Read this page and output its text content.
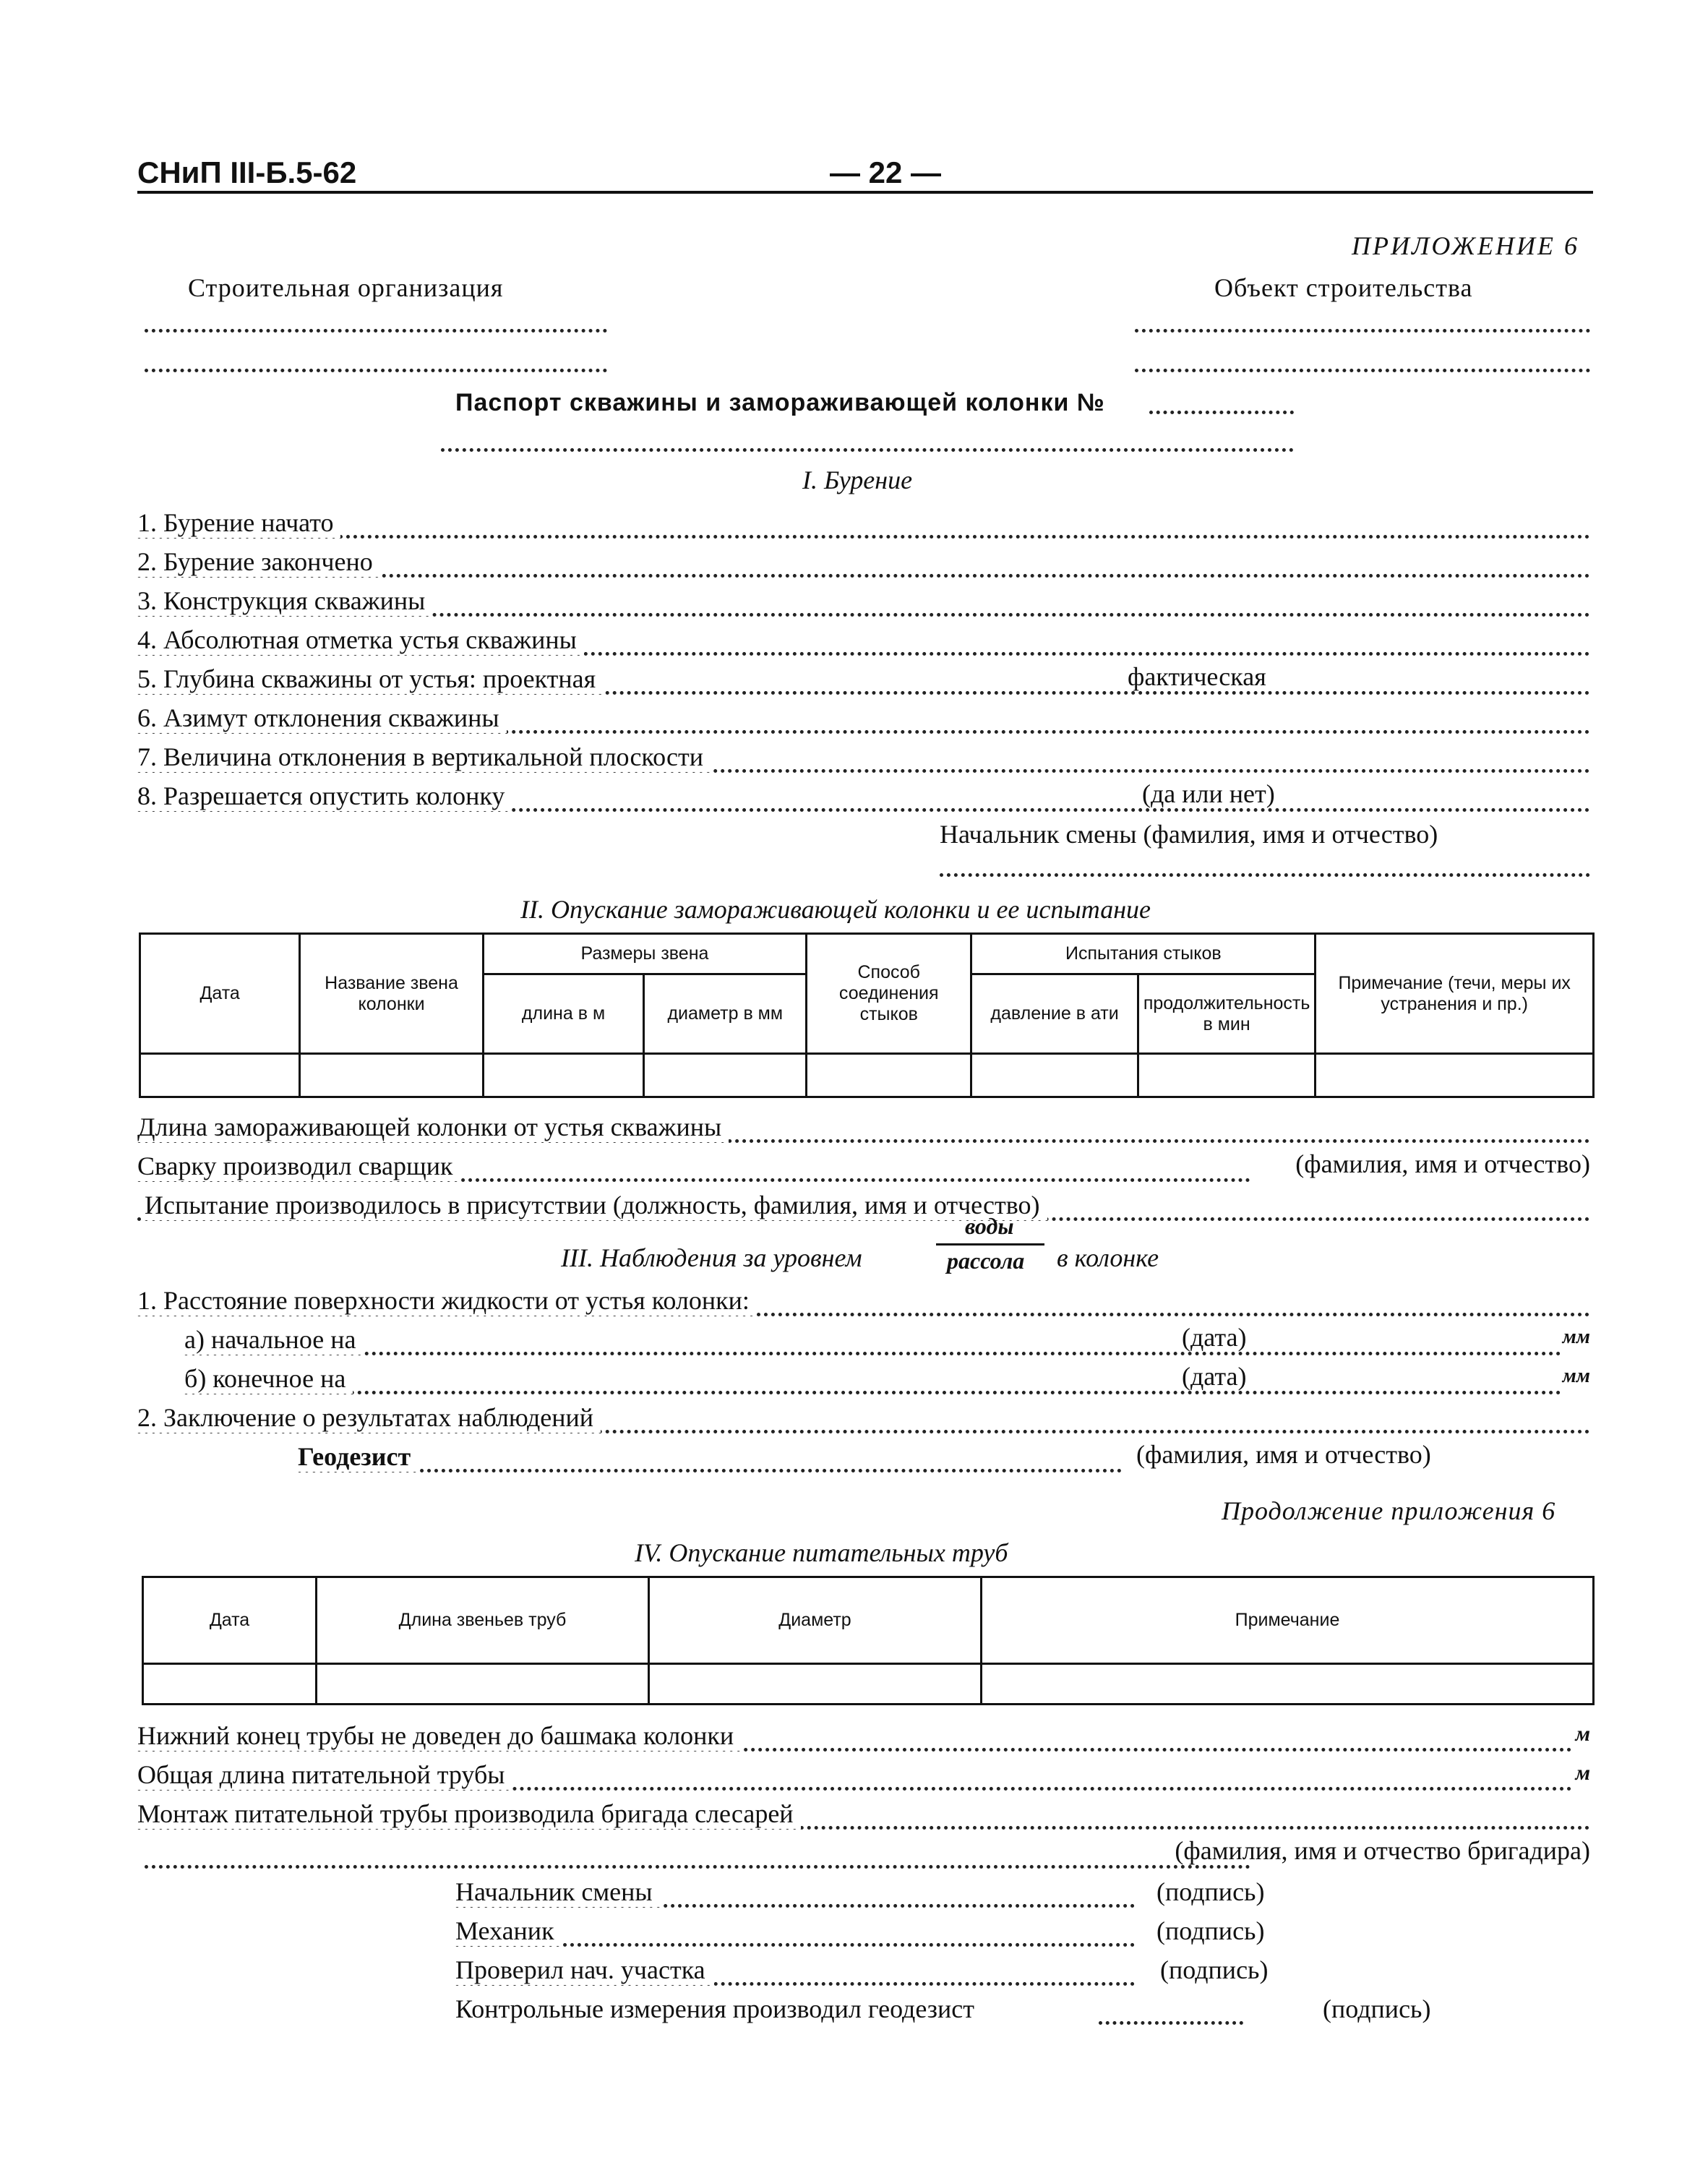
СНиП III-Б.5-62	— 22 —
ПРИЛОЖЕНИЕ 6
Строительная организация	Объект строительства
Паспорт скважины и замораживающей колонки №
I. Бурение
1. Бурение начато
2. Бурение закончено
3. Конструкция скважины
4. Абсолютная отметка устья скважины
5. Глубина скважины от устья: проектная	фактическая
6. Азимут отклонения скважины
7. Величина отклонения в вертикальной плоскости
8. Разрешается опустить колонку	(да или нет)
Начальник смены (фамилия, имя и отчество)
II. Опускание замораживающей колонки и ее испытание
Дата	Название звена колонки	Размеры звена		Способ соединения стыков	Испытания стыков		Примечание (течи, меры их устранения и пр.)
		длина в м	диаметр в мм		давление в ати	продолжительность в мин	

Длина замораживающей колонки от устья скважины
Сварку производил сварщик	(фамилия, имя и отчество)
Испытание производилось в присутствии (должность, фамилия, имя и отчество)
III. Наблюдения за уровнем
воды
рассола в колонке
1. Расстояние поверхности жидкости от устья колонки:
а) начальное на	(дата)	мм
б) конечное на	(дата)	мм
2. Заключение о результатах наблюдений
Геодезист	(фамилия, имя и отчество)
Продолжение приложения 6
IV. Опускание питательных труб
Дата	Длина звеньев труб	Диаметр	Примечание

Нижний конец трубы не доведен до башмака колонки	м
Общая длина питательной трубы	м
Монтаж питательной трубы производила бригада слесарей
(фамилия, имя и отчество бригадира)
Начальник смены	(подпись)
Механик	(подпись)
Проверил нач. участка	(подпись)
Контрольные измерения производил геодезист	(подпись)
